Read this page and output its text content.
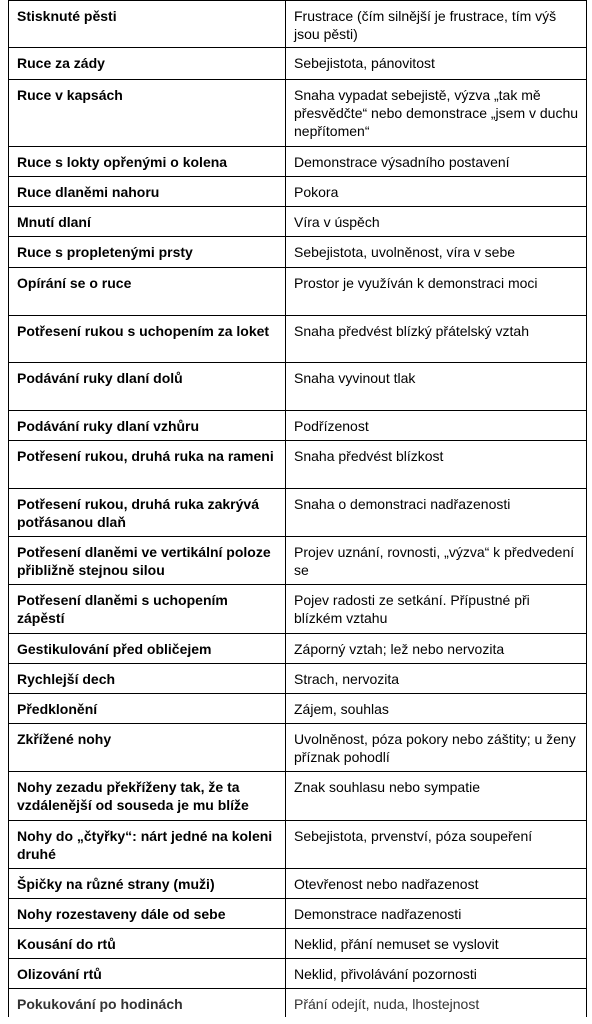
Stisknuté pěsti	Frustrace (čím silnější je frustrace, tím výš jsou pěsti)
Ruce za zády	Sebejistota, pánovitost
Ruce v kapsách	Snaha vypadat sebejistě, výzva „tak mě přesvědčte“ nebo demonstrace „jsem v duchu nepřítomen“
Ruce s lokty opřenými o kolena	Demonstrace výsadního postavení
Ruce dlaněmi nahoru	Pokora
Mnutí dlaní	Víra v úspěch
Ruce s propletenými prsty	Sebejistota, uvolněnost, víra v sebe
Opírání se o ruce	Prostor je využíván k demonstraci moci
Potřesení rukou s uchopením za loket	Snaha předvést blízký přátelský vztah
Podávání ruky dlaní dolů	Snaha vyvinout tlak
Podávání ruky dlaní vzhůru	Podřízenost
Potřesení rukou, druhá ruka na rameni	Snaha předvést blízkost
Potřesení rukou, druhá ruka zakrývá potřásanou dlaň	Snaha o demonstraci nadřazenosti
Potřesení dlaněmi ve vertikální poloze přibližně stejnou silou	Projev uznání, rovnosti, „výzva“ k předvedení se
Potřesení dlaněmi s uchopením zápěstí	Pojev radosti ze setkání. Přípustné při blízkém vztahu
Gestikulování před obličejem	Záporný vztah; lež nebo nervozita
Rychlejší dech	Strach, nervozita
Předklonění	Zájem, souhlas
Zkřížené nohy	Uvolněnost, póza pokory nebo záštity; u ženy příznak pohodlí
Nohy zezadu překříženy tak, že ta vzdálenější od souseda je mu blíže	Znak souhlasu nebo sympatie
Nohy do „čtyřky“: nárt jedné na koleni druhé	Sebejistota, prvenství, póza soupeření
Špičky na různé strany (muži)	Otevřenost nebo nadřazenost
Nohy rozestaveny dále od sebe	Demonstrace nadřazenosti
Kousání do rtů	Neklid, přání nemuset se vyslovit
Olizování rtů	Neklid, přivolávání pozornosti
Pokukování po hodinách	Přání odejít, nuda, lhostejnost
